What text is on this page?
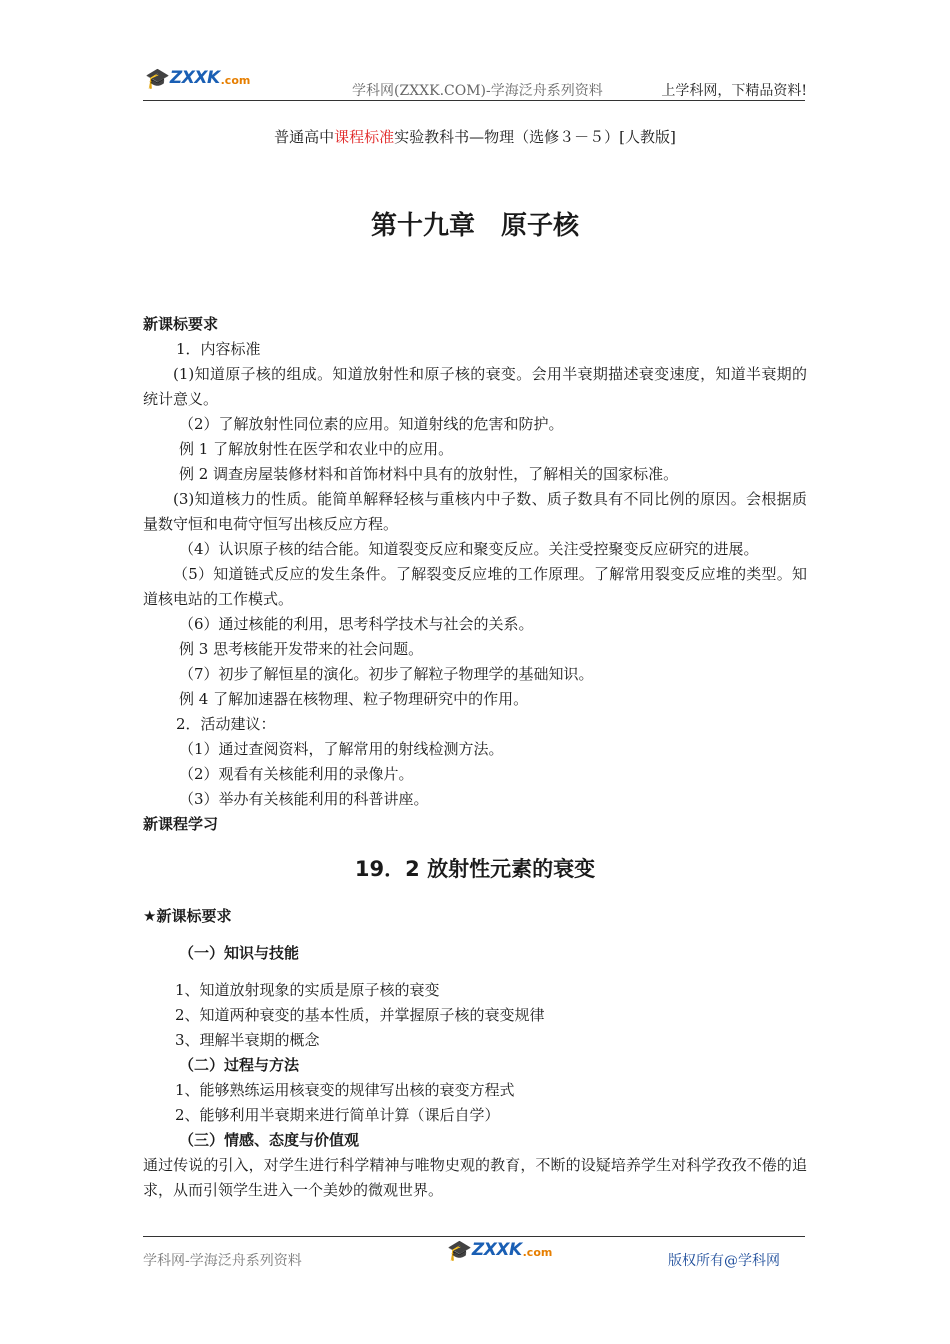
🎓 ZXXK .com
学科网(ZXXK.COM)-学海泛舟系列资料	上学科网，下精品资料!
普通高中课程标准实验教科书—物理（选修３－５）[人教版]
第十九章　原子核

新课标要求

1．内容标准

(1)知道原子核的组成。知道放射性和原子核的衰变。会用半衰期描述衰变速度，知道半衰期的统计意义。

（2）了解放射性同位素的应用。知道射线的危害和防护。

例 1 了解放射性在医学和农业中的应用。

例 2 调查房屋装修材料和首饰材料中具有的放射性，了解相关的国家标准。

(3)知道核力的性质。能简单解释轻核与重核内中子数、质子数具有不同比例的原因。会根据质量数守恒和电荷守恒写出核反应方程。

（4）认识原子核的结合能。知道裂变反应和聚变反应。关注受控聚变反应研究的进展。

（5）知道链式反应的发生条件。了解裂变反应堆的工作原理。了解常用裂变反应堆的类型。知道核电站的工作模式。

（6）通过核能的利用，思考科学技术与社会的关系。

例 3 思考核能开发带来的社会问题。

（7）初步了解恒星的演化。初步了解粒子物理学的基础知识。

例 4 了解加速器在核物理、粒子物理研究中的作用。

2．活动建议：

（1）通过查阅资料，了解常用的射线检测方法。

（2）观看有关核能利用的录像片。

（3）举办有关核能利用的科普讲座。

新课程学习

19．2 放射性元素的衰变

★新课标要求

（一）知识与技能

1、知道放射现象的实质是原子核的衰变

2、知道两种衰变的基本性质，并掌握原子核的衰变规律

3、理解半衰期的概念

（二）过程与方法

1、能够熟练运用核衰变的规律写出核的衰变方程式

2、能够利用半衰期来进行简单计算（课后自学）

（三）情感、态度与价值观

通过传说的引入，对学生进行科学精神与唯物史观的教育，不断的设疑培养学生对科学孜孜不倦的追求，从而引领学生进入一个美妙的微观世界。

学科网-学海泛舟系列资料	🎓 ZXXK .com
版权所有@学科网
